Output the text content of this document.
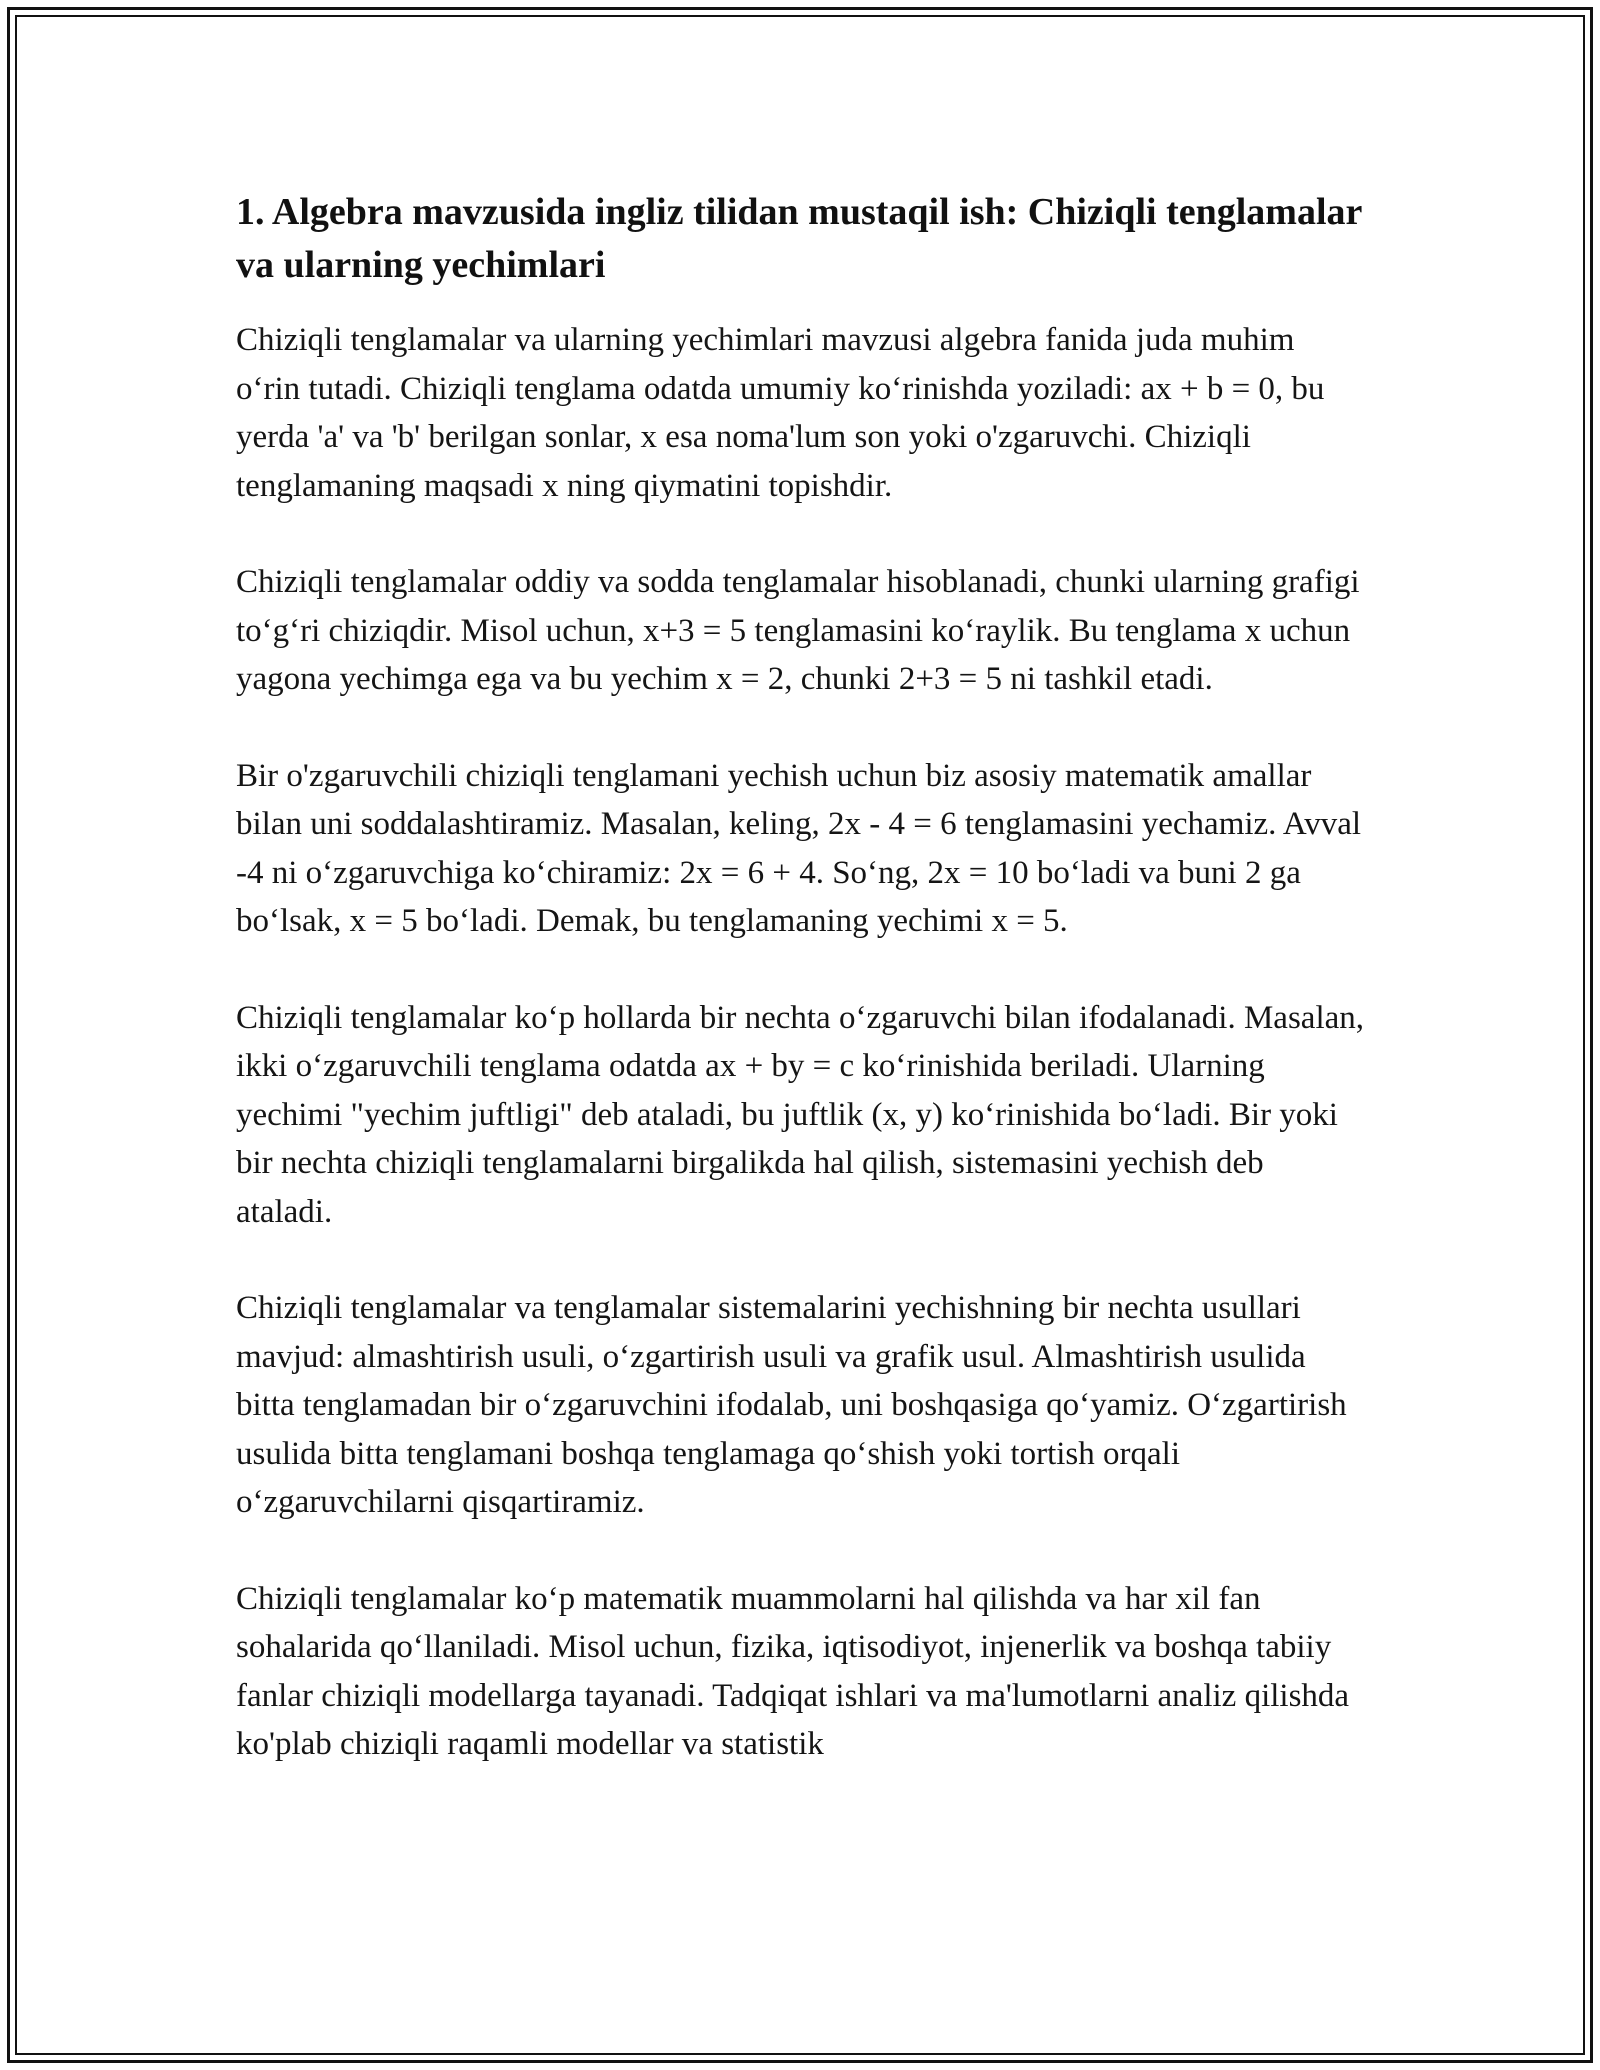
1. Algebra mavzusida ingliz tilidan mustaqil ish: Chiziqli tenglamalar va ularning yechimlari

Chiziqli tenglamalar va ularning yechimlari mavzusi algebra fanida juda muhim o‘rin tutadi. Chiziqli tenglama odatda umumiy ko‘rinishda yoziladi: ax + b = 0, bu yerda 'a' va 'b' berilgan sonlar, x esa noma'lum son yoki o'zgaruvchi. Chiziqli tenglamaning maqsadi x ning qiymatini topishdir.

Chiziqli tenglamalar oddiy va sodda tenglamalar hisoblanadi, chunki ularning grafigi to‘g‘ri chiziqdir. Misol uchun, x+3 = 5 tenglamasini ko‘raylik. Bu tenglama x uchun yagona yechimga ega va bu yechim x = 2, chunki 2+3 = 5 ni tashkil etadi.

Bir o'zgaruvchili chiziqli tenglamani yechish uchun biz asosiy matematik amallar bilan uni soddalashtiramiz. Masalan, keling, 2x - 4 = 6 tenglamasini yechamiz. Avval -4 ni o‘zgaruvchiga ko‘chiramiz: 2x = 6 + 4. So‘ng, 2x = 10 bo‘ladi va buni 2 ga bo‘lsak, x = 5 bo‘ladi. Demak, bu tenglamaning yechimi x = 5.

Chiziqli tenglamalar ko‘p hollarda bir nechta o‘zgaruvchi bilan ifodalanadi. Masalan, ikki o‘zgaruvchili tenglama odatda ax + by = c ko‘rinishida beriladi. Ularning yechimi "yechim juftligi" deb ataladi, bu juftlik (x, y) ko‘rinishida bo‘ladi. Bir yoki bir nechta chiziqli tenglamalarni birgalikda hal qilish, sistemasini yechish deb ataladi.

Chiziqli tenglamalar va tenglamalar sistemalarini yechishning bir nechta usullari mavjud: almashtirish usuli, o‘zgartirish usuli va grafik usul. Almashtirish usulida bitta tenglamadan bir o‘zgaruvchini ifodalab, uni boshqasiga qo‘yamiz. O‘zgartirish usulida bitta tenglamani boshqa tenglamaga qo‘shish yoki tortish orqali o‘zgaruvchilarni qisqartiramiz.

Chiziqli tenglamalar ko‘p matematik muammolarni hal qilishda va har xil fan sohalarida qo‘llaniladi. Misol uchun, fizika, iqtisodiyot, injenerlik va boshqa tabiiy fanlar chiziqli modellarga tayanadi. Tadqiqat ishlari va ma'lumotlarni analiz qilishda ko'plab chiziqli raqamli modellar va statistik
